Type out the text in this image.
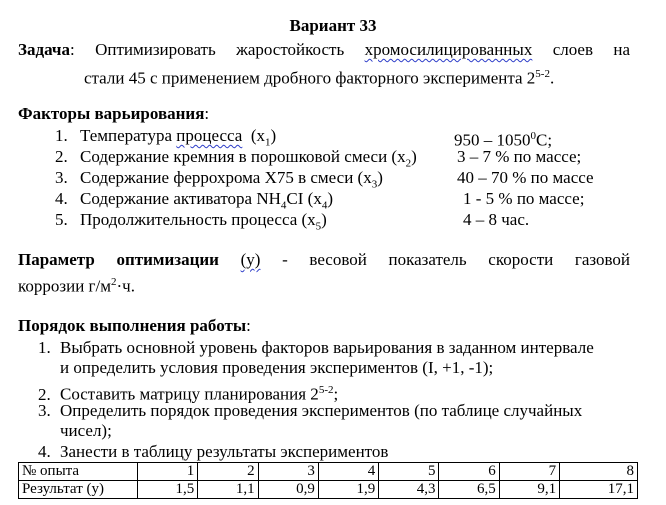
Вариант 33
Задача: Оптимизировать жаростойкость хромосилицированных слоев на
стали 45 с применением дробного факторного эксперимента 2$^{5-2}$.
Факторы варьирования:
1. Температура процесса  $(x_1)$	950 – 1050$^0$C;
2. Содержание кремния в порошковой смеси $(x_2)$ 3 – 7 % по массе;
3. Содержание феррохрома Х75 в смеси $(x_3)$	40 – 70 % по массе
4. Содержание активатора $NH_4CI$ $(x_4)$	1 - 5 % по массе;
5. Продолжительность процесса $(x_5)$	4 – 8 час.
Параметр оптимизации (у) - весовой показатель скорости газовой
коррозии $г/м^2\cdot ч$.
Порядок выполнения работы:
1. Выбрать основной уровень факторов варьирования в заданном интервале
и определить условия проведения экспериментов (I, +1, -1);
2. Составить матрицу планирования 2$^{5-2}$;
3. Определить порядок проведения экспериментов (по таблице случайных
чисел);
4. Занести в таблицу результаты экспериментов
№ опыта	1	2	3	4	5	6	7	8
Результат (у)	1,5	1,1	0,9	1,9	4,3	6,5	9,1	17,1
